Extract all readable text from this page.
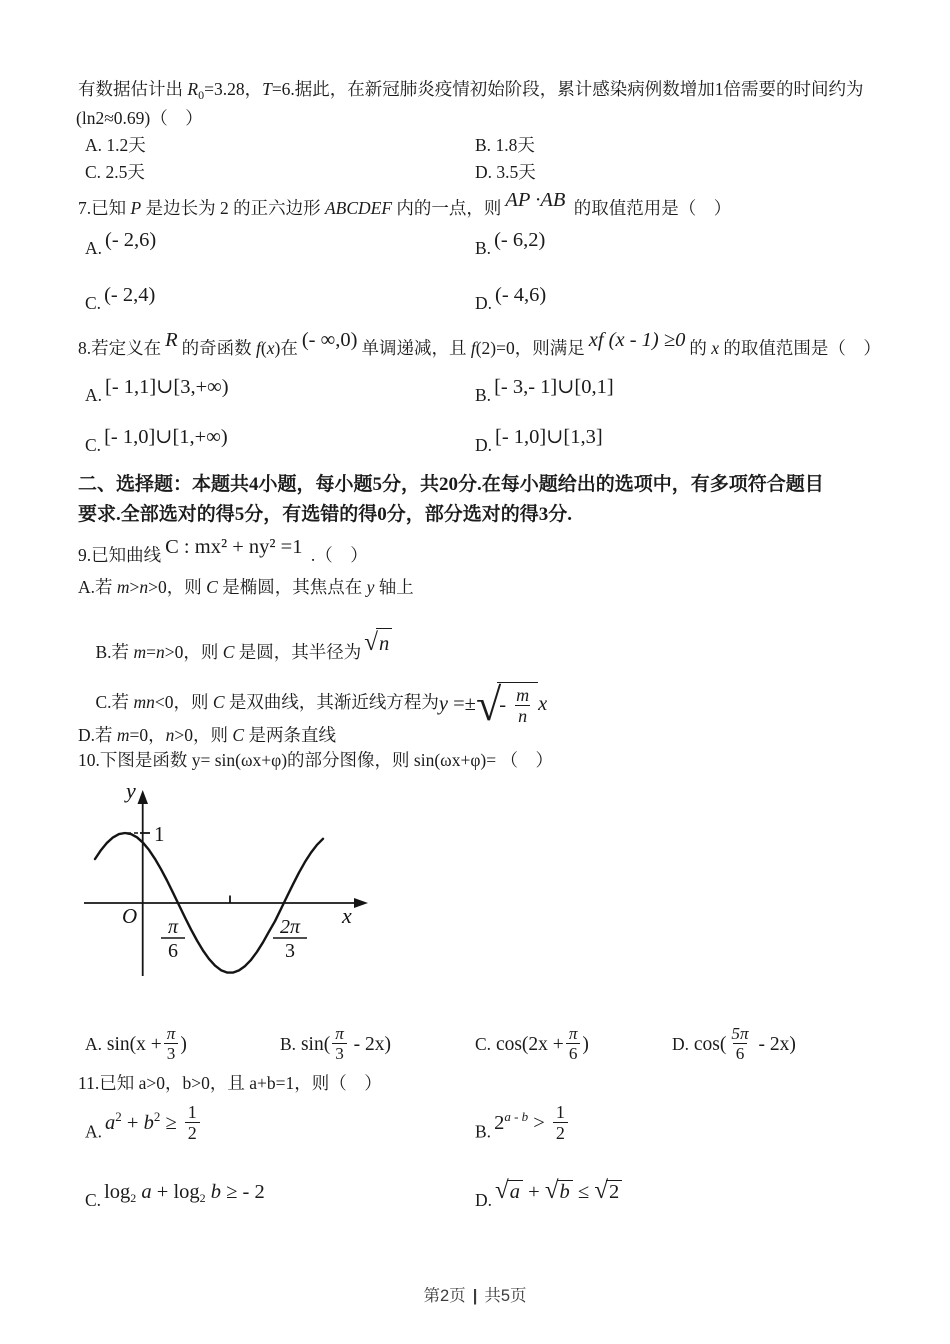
有数据估计出 $R_0=3.28$，T=6.据此，在新冠肺炎疫情初始阶段，累计感染病例数增加1倍需要的时间约为
(ln2≈0.69)（　）
A. 1.2天	B. 1.8天
C. 2.5天	D. 3.5天
7.已知 P 是边长为 2 的正六边形 ABCDEF 内的一点，则 AP ·AB 的取值范用是（　）
A. (- 2,6)	B. (- 6,2)
C. (- 2,4)	D. (- 4,6)
8.若定义在 R 的奇函数 f(x)在 (- ∞,0) 单调递减，且 f(2)=0，则满足 xf (x - 1) ≥0 的 x 的取值范围是（　）
A. [- 1,1]∪[3,+∞)	B. [- 3,- 1]∪[0,1]
C. [- 1,0]∪[1,+∞)	D. [- 1,0]∪[1,3]
二、选择题：本题共4小题，每小题5分，共20分.在每小题给出的选项中，有多项符合题目
要求.全部选对的得5分，有选错的得0分，部分选对的得3分.
9.已知曲线 C : mx² + ny² =1 .（　）
A.若 m>n>0，则 C 是椭圆，其焦点在 y 轴上

B.若 m=n>0，则 C 是圆，其半径为 √ n

C.若 mn<0，则 C 是双曲线，其渐近线方程为 y =± √
- $\frac{m}{n}$ x

D.若 m=0，n>0，则 C 是两条直线
10.下图是函数 y= sin(ωx+φ)的部分图像，则 sin(ωx+φ)= （　）
y
x
O
1
π
6
2π
3
A. $\sin(x + \frac{\pi}{3}$ )	B. $\sin( \frac{\pi}{3} - 2x)$	C. $\cos(2x + \frac{\pi}{6}$ )	D. $\cos( \frac{5\pi}{6} - 2x)$
11.已知 a>0，b>0，且 a+b=1，则（　）
A. $a^2 + b^2 \ge \frac{1}{2}$	B. $2^{a - b} > \frac{1}{2}$
C. log2 a + log2 b ≥ - 2	D. √ a + √ b ≤ √ 2
第2页 | 共5页
